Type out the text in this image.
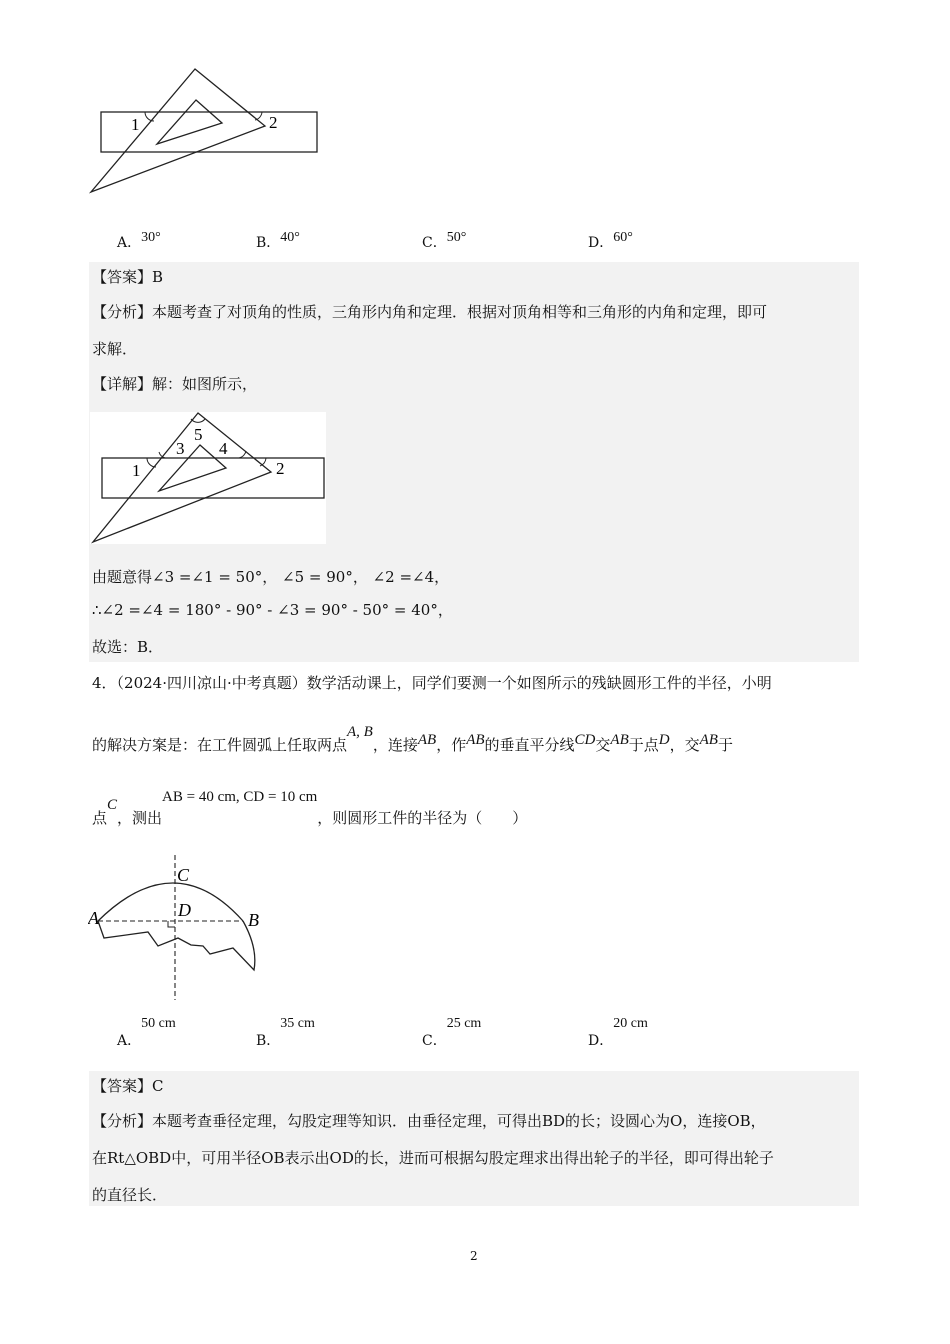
1	2
A．30°	B．40°	C．50°	D．60°
【答案】B
【分析】本题考查了对顶角的性质，三角形内角和定理．根据对顶角相等和三角形的内角和定理，即可
求解．
【详解】解：如图所示，
1	2
3 4
5
由题意得∠3 =∠1 = 50°， ∠5 = 90°， ∠2 =∠4，
∴∠2 =∠4 = 180° - 90° - ∠3 = 90° - 50° = 40°，
故选：B．
4．（2024·四川凉山·中考真题）数学活动课上，同学们要测一个如图所示的残缺圆形工件的半径，小明
的解决方案是：在工件圆弧上任取两点A, B，连接AB，作AB的垂直平分线CD交AB于点D，交AB于
点C，测出AB = 40 cm, CD = 10 cm，则圆形工件的半径为（　　）
A	B
C
D
A．50 cm
B．35 cm
C．25 cm
D．20 cm
【答案】C
【分析】本题考查垂径定理，勾股定理等知识．由垂径定理，可得出BD的长；设圆心为O，连接OB，
在Rt△OBD中，可用半径OB表示出OD的长，进而可根据勾股定理求出得出轮子的半径，即可得出轮子
的直径长．
2
